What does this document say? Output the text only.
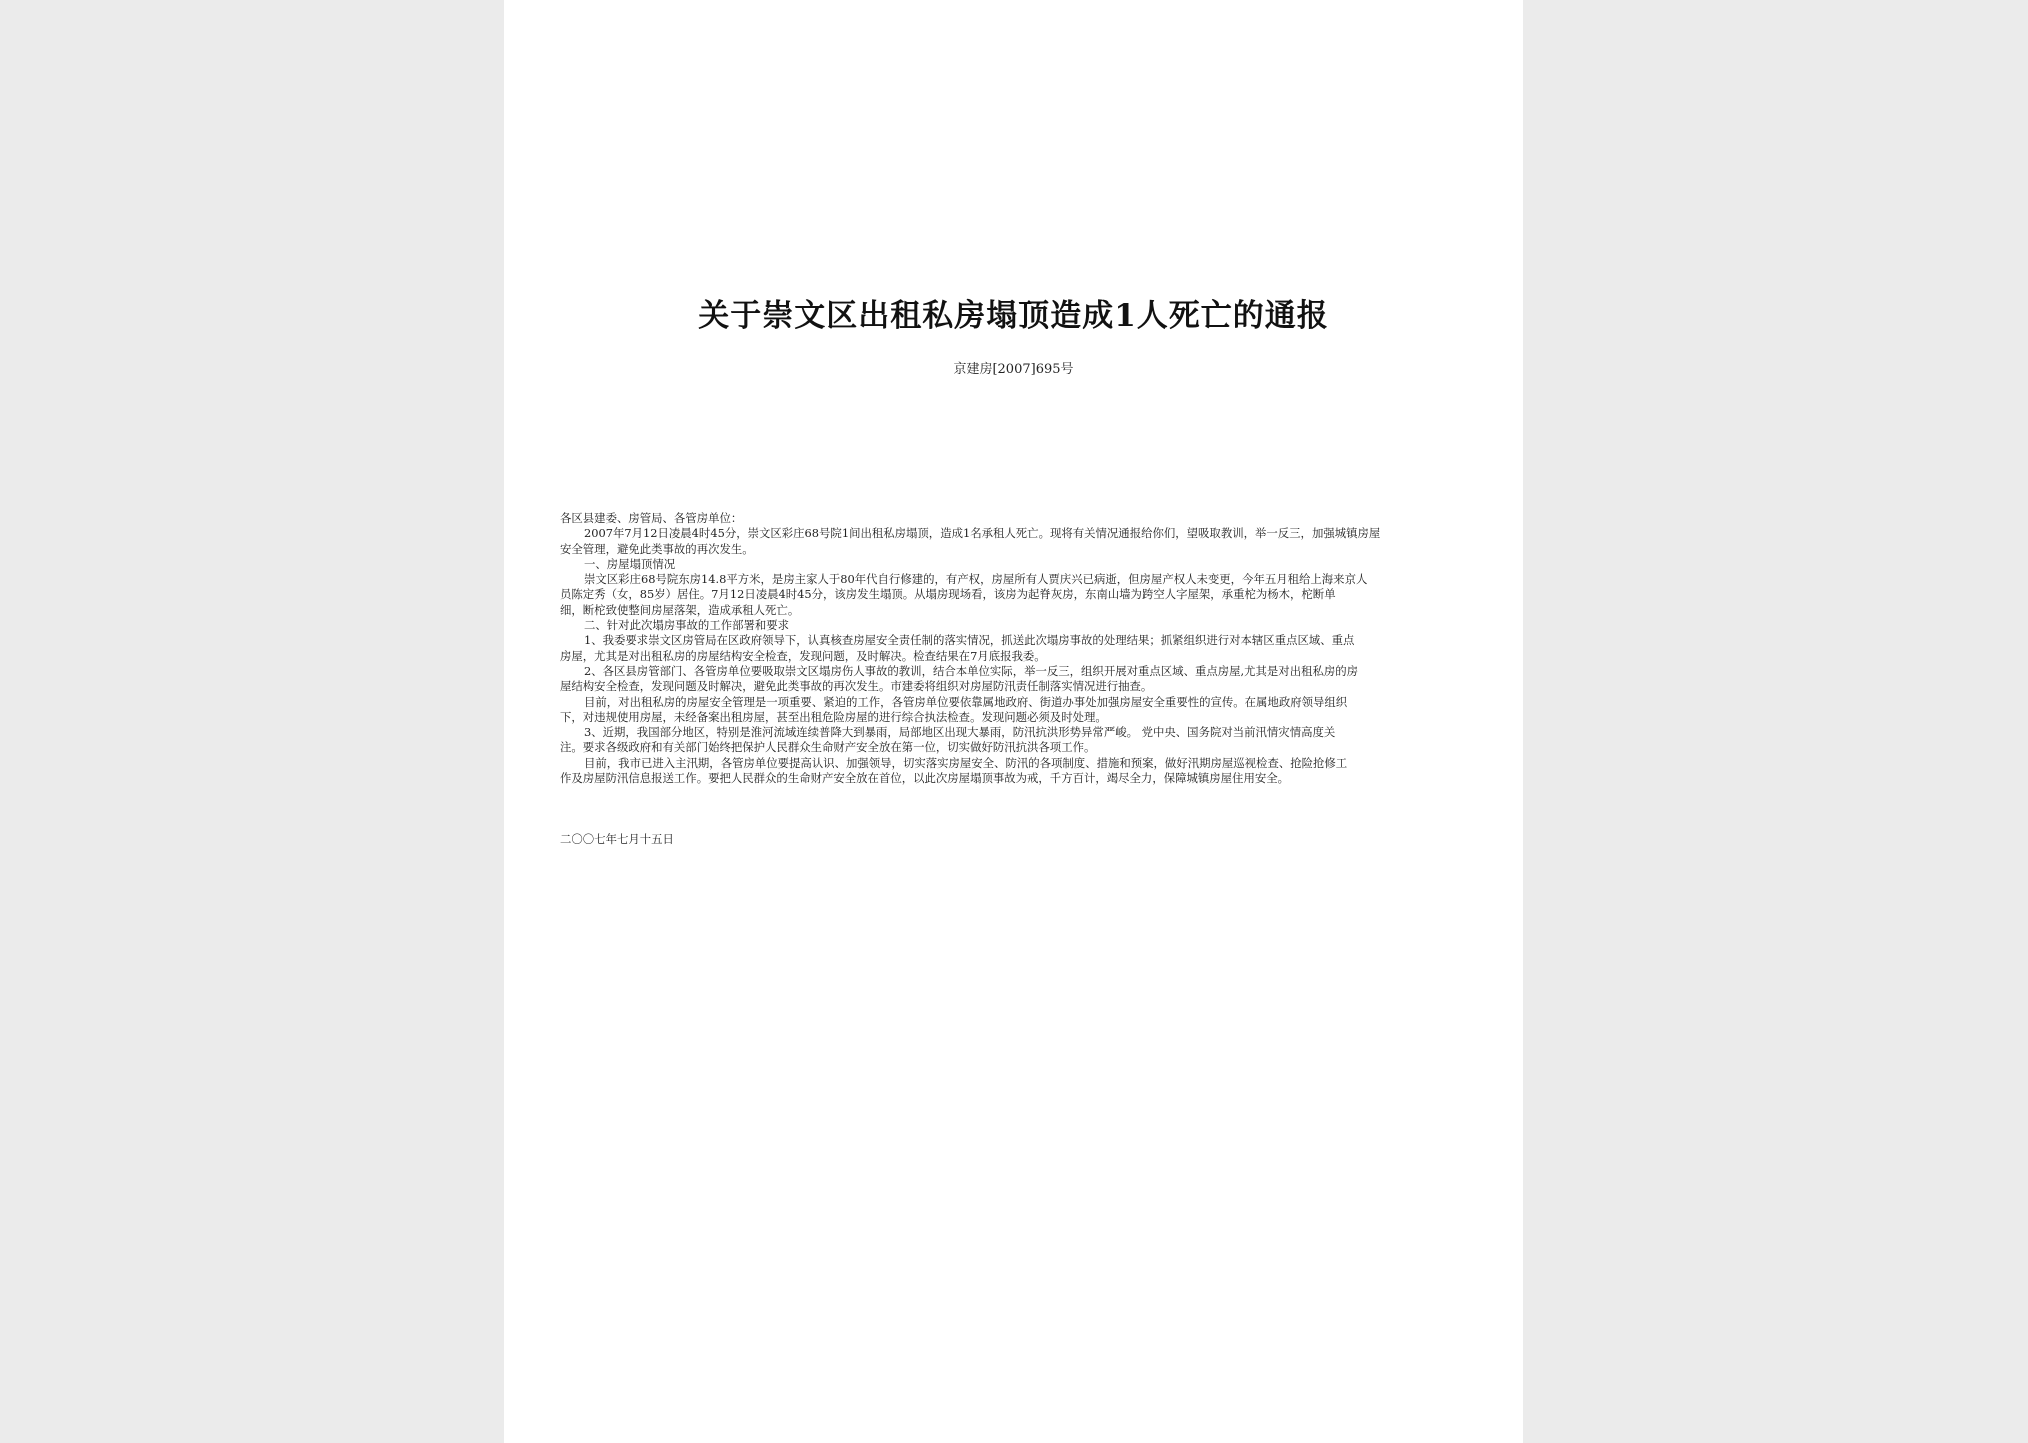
关于崇文区出租私房塌顶造成1人死亡的通报
京建房[2007]695号

各区县建委、房管局、各管房单位：

2007年7月12日凌晨4时45分，崇文区彩庄68号院1间出租私房塌顶，造成1名承租人死亡。现将有关情况通报给你们，望吸取教训，举一反三，加强城镇房屋

安全管理，避免此类事故的再次发生。

一、房屋塌顶情况

崇文区彩庄68号院东房14.8平方米，是房主家人于80年代自行修建的，有产权，房屋所有人贾庆兴已病逝，但房屋产权人未变更，今年五月租给上海来京人

员陈定秀（女，85岁）居住。7月12日凌晨4时45分，该房发生塌顶。从塌房现场看，该房为起脊灰房，东南山墙为跨空人字屋架，承重柁为杨木，柁断单

细，断柁致使整间房屋落架，造成承租人死亡。

二、针对此次塌房事故的工作部署和要求

1、我委要求崇文区房管局在区政府领导下，认真核查房屋安全责任制的落实情况，抓送此次塌房事故的处理结果；抓紧组织进行对本辖区重点区域、重点

房屋，尤其是对出租私房的房屋结构安全检查，发现问题，及时解决。检查结果在7月底报我委。

2、各区县房管部门、各管房单位要吸取崇文区塌房伤人事故的教训，结合本单位实际，举一反三，组织开展对重点区域、重点房屋,尤其是对出租私房的房

屋结构安全检查，发现问题及时解决，避免此类事故的再次发生。市建委将组织对房屋防汛责任制落实情况进行抽查。

目前，对出租私房的房屋安全管理是一项重要、紧迫的工作，各管房单位要依靠属地政府、街道办事处加强房屋安全重要性的宣传。在属地政府领导组织

下，对违规使用房屋，未经备案出租房屋，甚至出租危险房屋的进行综合执法检查。发现问题必须及时处理。

3、近期，我国部分地区，特别是淮河流域连续普降大到暴雨，局部地区出现大暴雨，防汛抗洪形势异常严峻。 党中央、国务院对当前汛情灾情高度关

注。要求各级政府和有关部门始终把保护人民群众生命财产安全放在第一位，切实做好防汛抗洪各项工作。

目前，我市已进入主汛期，各管房单位要提高认识、加强领导，切实落实房屋安全、防汛的各项制度、措施和预案，做好汛期房屋巡视检查、抢险抢修工

作及房屋防汛信息报送工作。要把人民群众的生命财产安全放在首位，以此次房屋塌顶事故为戒，千方百计，竭尽全力，保障城镇房屋住用安全。

二〇〇七年七月十五日
